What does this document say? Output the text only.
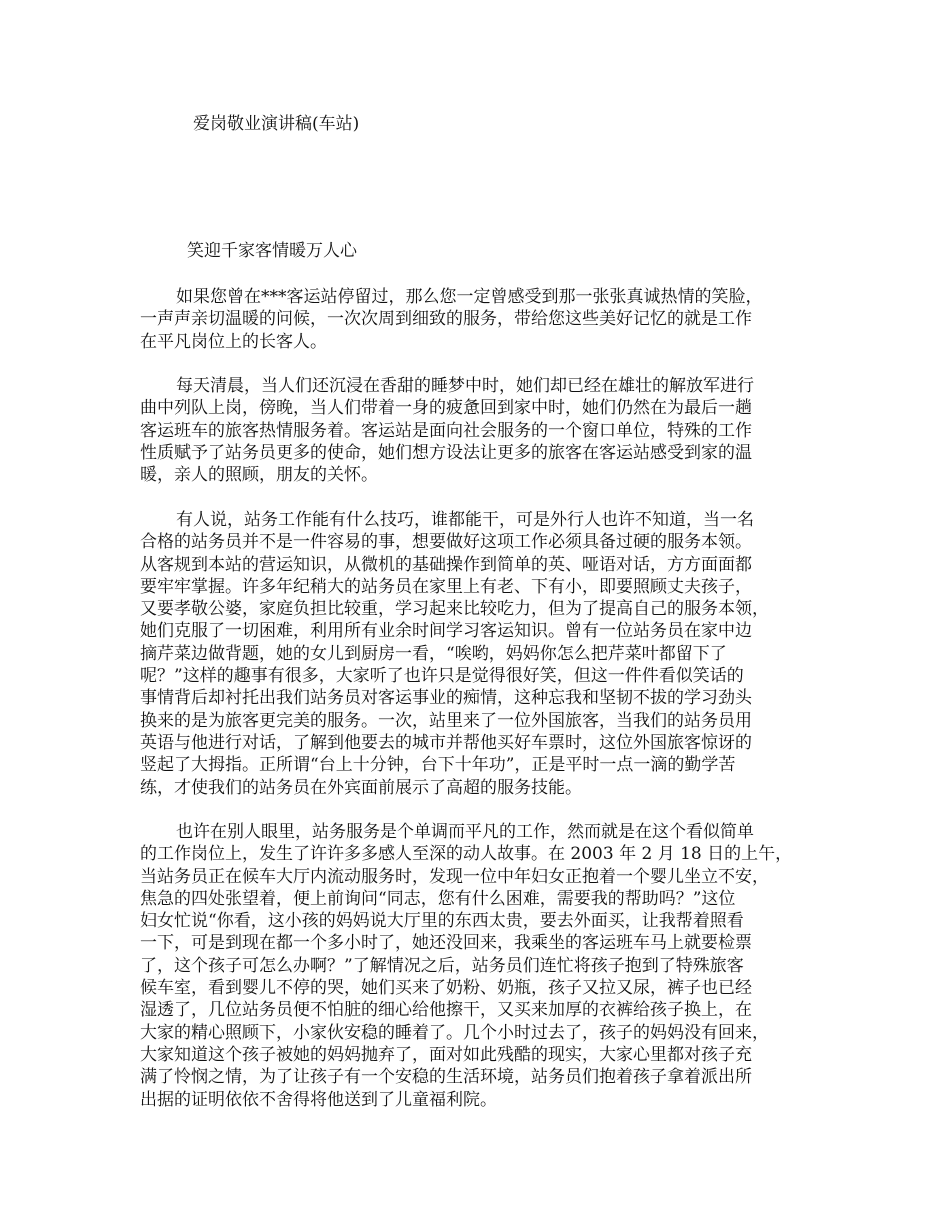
爱岗敬业演讲稿(车站)
笑迎千家客情暖万人心

如果您曾在***客运站停留过，那么您一定曾感受到那一张张真诚热情的笑脸，
一声声亲切温暖的问候，一次次周到细致的服务，带给您这些美好记忆的就是工作
在平凡岗位上的长客人。

每天清晨，当人们还沉浸在香甜的睡梦中时，她们却已经在雄壮的解放军进行
曲中列队上岗，傍晚，当人们带着一身的疲惫回到家中时，她们仍然在为最后一趟
客运班车的旅客热情服务着。客运站是面向社会服务的一个窗口单位，特殊的工作
性质赋予了站务员更多的使命，她们想方设法让更多的旅客在客运站感受到家的温
暖，亲人的照顾，朋友的关怀。

有人说，站务工作能有什么技巧，谁都能干，可是外行人也许不知道，当一名
合格的站务员并不是一件容易的事，想要做好这项工作必须具备过硬的服务本领。
从客规到本站的营运知识，从微机的基础操作到简单的英、哑语对话，方方面面都
要牢牢掌握。许多年纪稍大的站务员在家里上有老、下有小，即要照顾丈夫孩子，
又要孝敬公婆，家庭负担比较重，学习起来比较吃力，但为了提高自己的服务本领，
她们克服了一切困难，利用所有业余时间学习客运知识。曾有一位站务员在家中边
摘芹菜边做背题，她的女儿到厨房一看，“唉哟，妈妈你怎么把芹菜叶都留下了
呢？”这样的趣事有很多，大家听了也许只是觉得很好笑，但这一件件看似笑话的
事情背后却衬托出我们站务员对客运事业的痴情，这种忘我和坚韧不拔的学习劲头
换来的是为旅客更完美的服务。一次，站里来了一位外国旅客，当我们的站务员用
英语与他进行对话，了解到他要去的城市并帮他买好车票时，这位外国旅客惊讶的
竖起了大拇指。正所谓“台上十分钟，台下十年功”，正是平时一点一滴的勤学苦
练，才使我们的站务员在外宾面前展示了高超的服务技能。

也许在别人眼里，站务服务是个单调而平凡的工作，然而就是在这个看似简单
的工作岗位上，发生了许许多多感人至深的动人故事。在 2003 年 2 月 18 日的上午，
当站务员正在候车大厅内流动服务时，发现一位中年妇女正抱着一个婴儿坐立不安，
焦急的四处张望着，便上前询问“同志，您有什么困难，需要我的帮助吗？”这位
妇女忙说“你看，这小孩的妈妈说大厅里的东西太贵，要去外面买，让我帮着照看
一下，可是到现在都一个多小时了，她还没回来，我乘坐的客运班车马上就要检票
了，这个孩子可怎么办啊？”了解情况之后，站务员们连忙将孩子抱到了特殊旅客
候车室，看到婴儿不停的哭，她们买来了奶粉、奶瓶，孩子又拉又尿，裤子也已经
湿透了，几位站务员便不怕脏的细心给他擦干，又买来加厚的衣裤给孩子换上，在
大家的精心照顾下，小家伙安稳的睡着了。几个小时过去了，孩子的妈妈没有回来，
大家知道这个孩子被她的妈妈抛弃了，面对如此残酷的现实，大家心里都对孩子充
满了怜悯之情，为了让孩子有一个安稳的生活环境，站务员们抱着孩子拿着派出所
出据的证明依依不舍得将他送到了儿童福利院。
